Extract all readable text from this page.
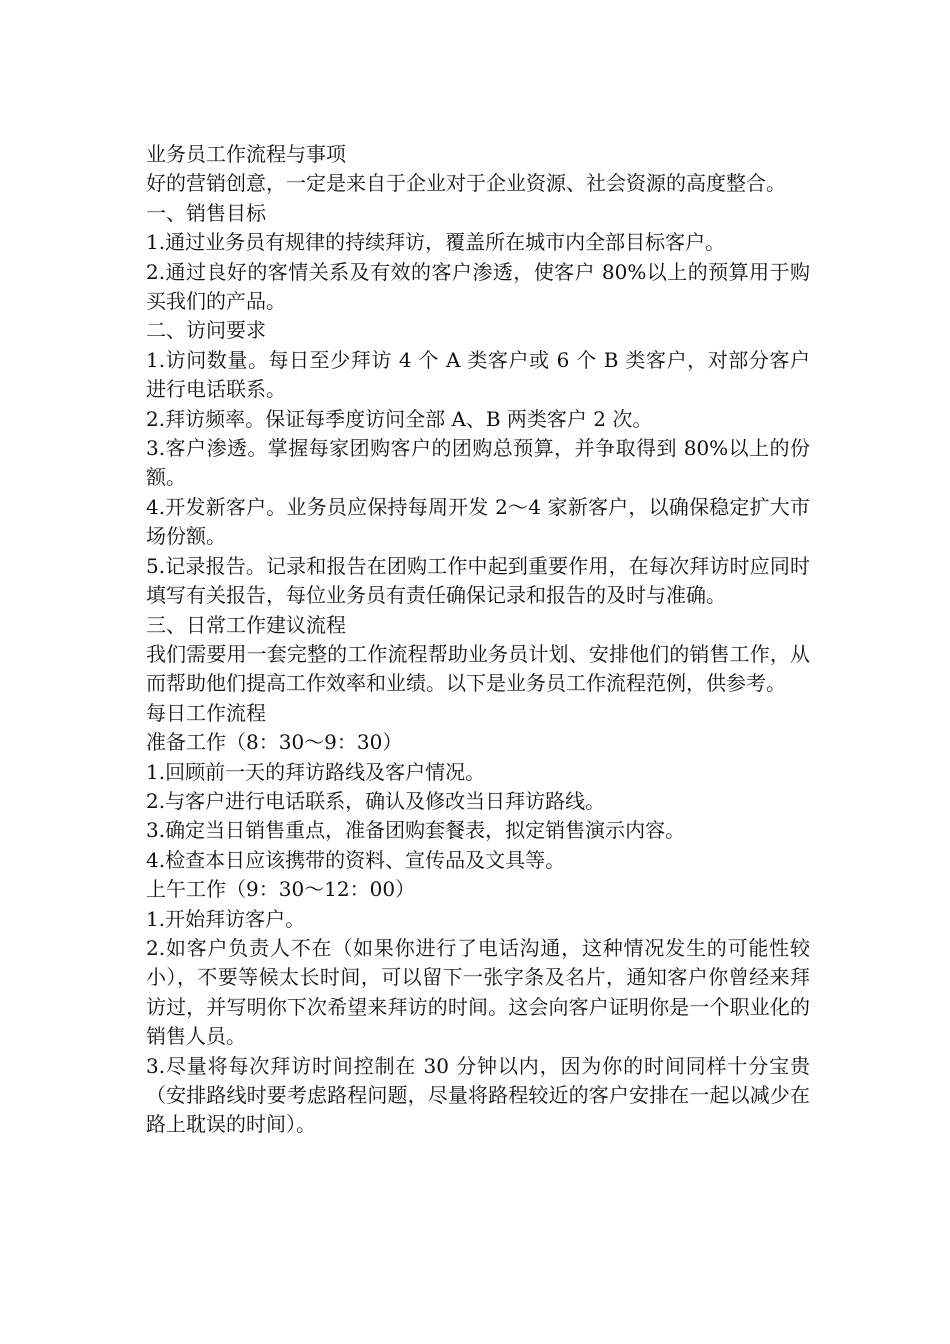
业务员工作流程与事项

好的营销创意，一定是来自于企业对于企业资源、社会资源的高度整合。

一、销售目标

1.通过业务员有规律的持续拜访，覆盖所在城市内全部目标客户。

2.通过良好的客情关系及有效的客户渗透，使客户 80%以上的预算用于购买我们的产品。

二、访问要求

1.访问数量。每日至少拜访 4 个 A 类客户或 6 个 B 类客户，对部分客户进行电话联系。

2.拜访频率。保证每季度访问全部 A、B 两类客户 2 次。

3.客户渗透。掌握每家团购客户的团购总预算，并争取得到 80%以上的份额。

4.开发新客户。业务员应保持每周开发 2～4 家新客户，以确保稳定扩大市场份额。

5.记录报告。记录和报告在团购工作中起到重要作用，在每次拜访时应同时填写有关报告，每位业务员有责任确保记录和报告的及时与准确。

三、日常工作建议流程

我们需要用一套完整的工作流程帮助业务员计划、安排他们的销售工作，从而帮助他们提高工作效率和业绩。以下是业务员工作流程范例，供参考。

每日工作流程

准备工作（8：30～9：30）

1.回顾前一天的拜访路线及客户情况。

2.与客户进行电话联系，确认及修改当日拜访路线。

3.确定当日销售重点，准备团购套餐表，拟定销售演示内容。

4.检查本日应该携带的资料、宣传品及文具等。

上午工作（9：30～12：00）

1.开始拜访客户。

2.如客户负责人不在（如果你进行了电话沟通，这种情况发生的可能性较小），不要等候太长时间，可以留下一张字条及名片，通知客户你曾经来拜访过，并写明你下次希望来拜访的时间。这会向客户证明你是一个职业化的销售人员。

3.尽量将每次拜访时间控制在 30 分钟以内，因为你的时间同样十分宝贵（安排路线时要考虑路程问题，尽量将路程较近的客户安排在一起以减少在路上耽误的时间）。
